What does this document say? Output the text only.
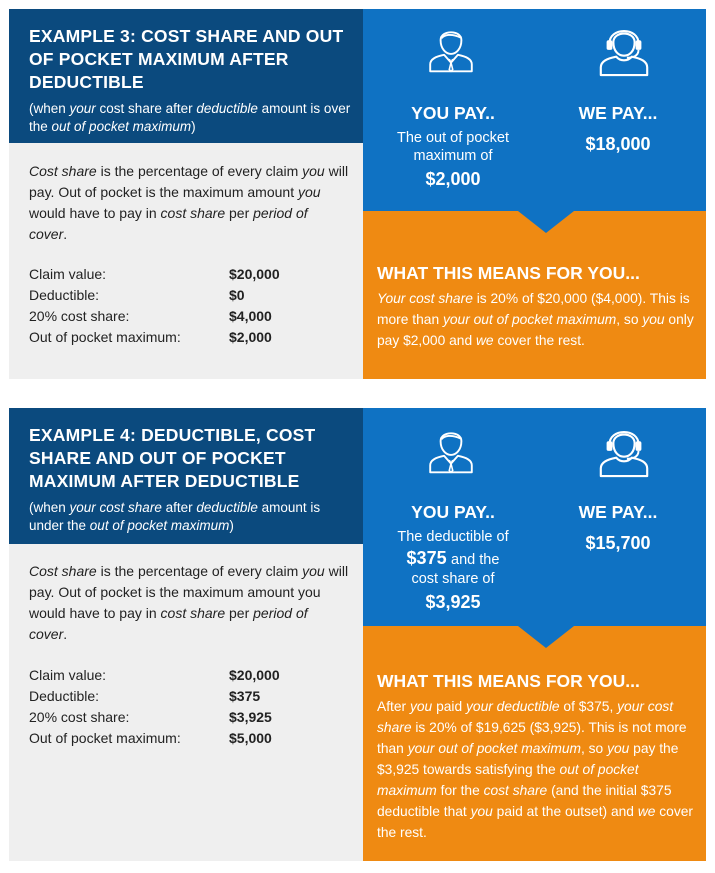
EXAMPLE 3: COST SHARE AND OUT OF POCKET MAXIMUM AFTER DEDUCTIBLE
(when your cost share after deductible amount is over the out of pocket maximum)
Cost share is the percentage of every claim you will pay. Out of pocket is the maximum amount you would have to pay in cost share per period of cover.
Claim value:	$20,000
Deductible:	$0
20% cost share:	$4,000
Out of pocket maximum:	$2,000
YOU PAY..
The out of pocket maximum of
$2,000
WE PAY...
$18,000
WHAT THIS MEANS FOR YOU...
Your cost share is 20% of $20,000 ($4,000). This is more than your out of pocket maximum, so you only pay $2,000 and we cover the rest.
EXAMPLE 4: DEDUCTIBLE, COST SHARE AND OUT OF POCKET MAXIMUM AFTER DEDUCTIBLE
(when your cost share after deductible amount is under the out of pocket maximum)
Cost share is the percentage of every claim you will pay. Out of pocket is the maximum amount you would have to pay in cost share per period of cover.
Claim value:	$20,000
Deductible:	$375
20% cost share:	$3,925
Out of pocket maximum:	$5,000
YOU PAY..
The deductible of
$375 and the
cost share of
$3,925
WE PAY...
$15,700
WHAT THIS MEANS FOR YOU...
After you paid your deductible of $375, your cost share is 20% of $19,625 ($3,925). This is not more than your out of pocket maximum, so you pay the $3,925 towards satisfying the out of pocket maximum for the cost share (and the initial $375 deductible that you paid at the outset) and we cover the rest.
